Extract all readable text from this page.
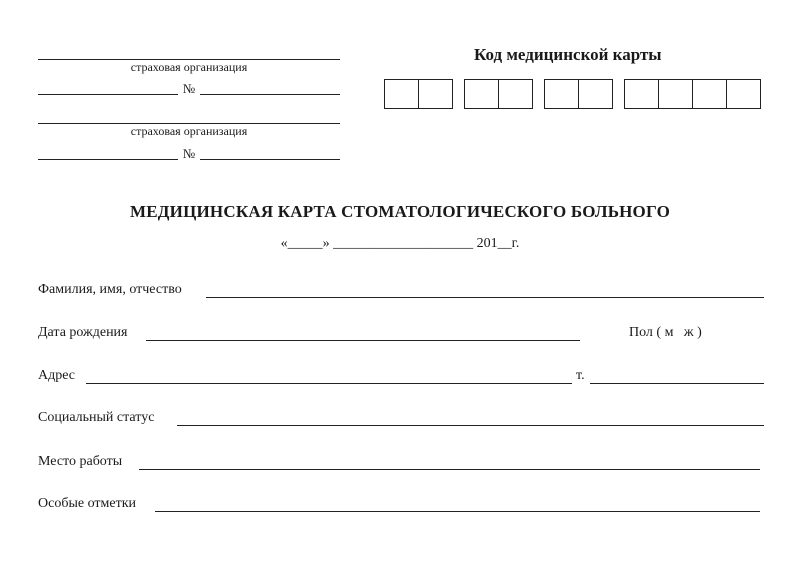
страховая организация
№
страховая организация
№
Код медицинской карты
МЕДИЦИНСКАЯ КАРТА СТОМАТОЛОГИЧЕСКОГО БОЛЬНОГО
«_____» ____________________ 201__г.
Фамилия, имя, отчество
Дата рождения	Пол ( м   ж )
Адрес	т.
Социальный статус
Место работы
Особые отметки
